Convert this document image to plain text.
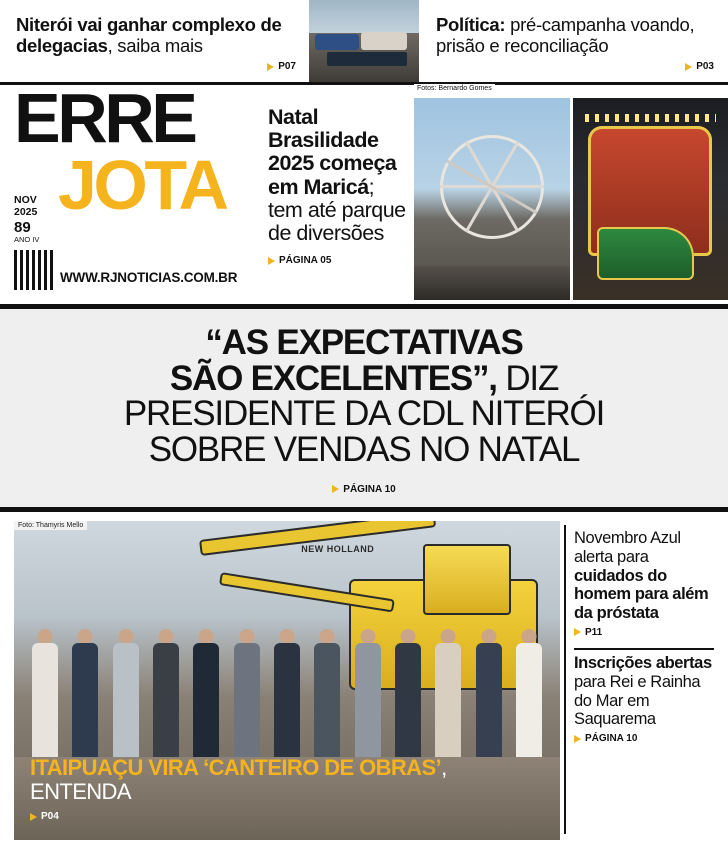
Niterói vai ganhar complexo de delegacias, saiba mais
P07
Política: pré-campanha voando, prisão e reconciliação
P03
ERRE
JOTA
NOV
2025
89
ANO IV
WWW.RJNOTICIAS.COM.BR
Natal Brasilidade 2025 começa em Maricá; tem até parque de diversões
PÁGINA 05
Fotos: Bernardo Gomes
“AS EXPECTATIVAS
SÃO EXCELENTES”, DIZ
PRESIDENTE DA CDL NITERÓI
SOBRE VENDAS NO NATAL
PÁGINA 10
Foto: Thamyris Mello
NEW HOLLAND
ITAIPUAÇU VIRA ‘CANTEIRO DE OBRAS’, ENTENDA
P04
Novembro Azul alerta para cuidados do homem para além da próstata
P11
Inscrições abertas para Rei e Rainha do Mar em Saquarema
PÁGINA 10
